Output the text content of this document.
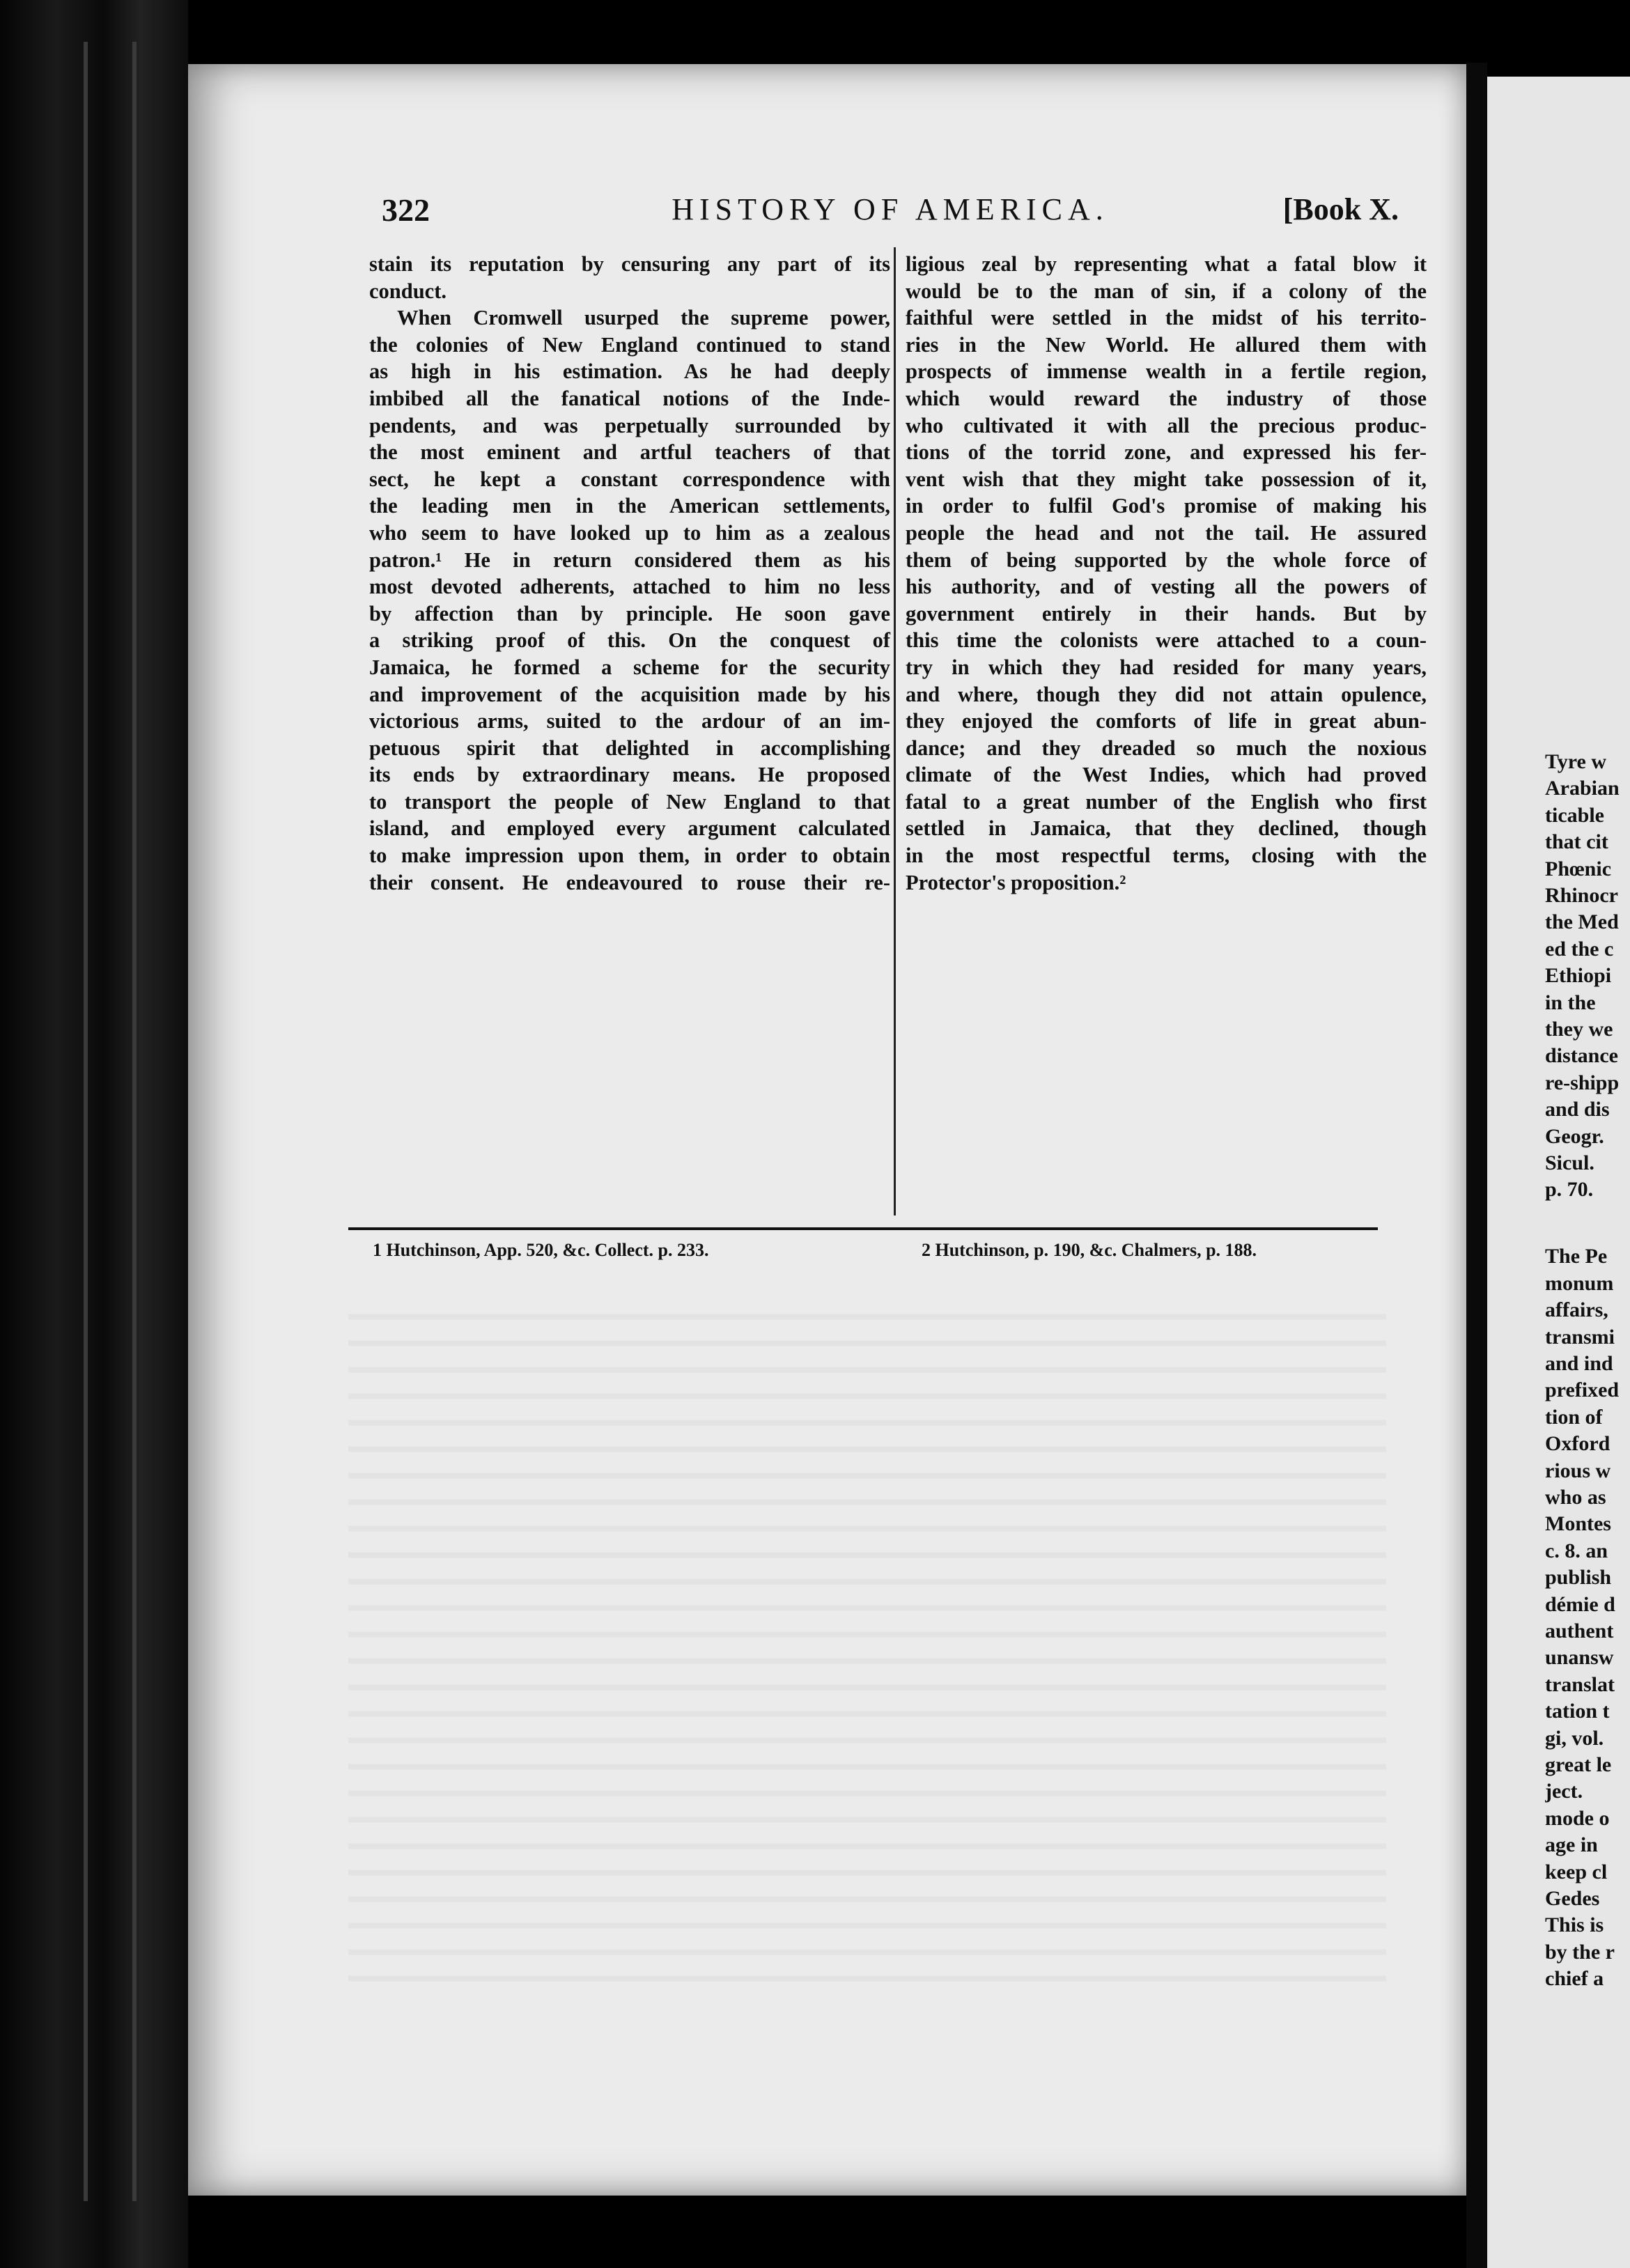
322	HISTORY OF AMERICA.	[Book X.
stain its reputation by censuring any part of its
conduct.
When Cromwell usurped the supreme power,
the colonies of New England continued to stand
as high in his estimation. As he had deeply
imbibed all the fanatical notions of the Inde-
pendents, and was perpetually surrounded by
the most eminent and artful teachers of that
sect, he kept a constant correspondence with
the leading men in the American settlements,
who seem to have looked up to him as a zealous
patron.¹ He in return considered them as his
most devoted adherents, attached to him no less
by affection than by principle. He soon gave
a striking proof of this. On the conquest of
Jamaica, he formed a scheme for the security
and improvement of the acquisition made by his
victorious arms, suited to the ardour of an im-
petuous spirit that delighted in accomplishing
its ends by extraordinary means. He proposed
to transport the people of New England to that
island, and employed every argument calculated
to make impression upon them, in order to obtain
their consent. He endeavoured to rouse their re-
ligious zeal by representing what a fatal blow it
would be to the man of sin, if a colony of the
faithful were settled in the midst of his territo-
ries in the New World. He allured them with
prospects of immense wealth in a fertile region,
which would reward the industry of those
who cultivated it with all the precious produc-
tions of the torrid zone, and expressed his fer-
vent wish that they might take possession of it,
in order to fulfil God's promise of making his
people the head and not the tail. He assured
them of being supported by the whole force of
his authority, and of vesting all the powers of
government entirely in their hands. But by
this time the colonists were attached to a coun-
try in which they had resided for many years,
and where, though they did not attain opulence,
they enjoyed the comforts of life in great abun-
dance; and they dreaded so much the noxious
climate of the West Indies, which had proved
fatal to a great number of the English who first
settled in Jamaica, that they declined, though
in the most respectful terms, closing with the
Protector's proposition.²
1 Hutchinson, App. 520, &c. Collect. p. 233.	2 Hutchinson, p. 190, &c. Chalmers, p. 188.
Tyre w
Arabian
ticable
that cit
Phœnic
Rhinocr
the Med
ed the c
Ethiopi
in the
they we
distance
re-shipp
and dis
Geogr.
Sicul.
p. 70.
The Pe
monum
affairs,
transmi
and ind
prefixed
tion of
Oxford
rious w
who as
Montes
c. 8. an
publish
démie d
authent
unansw
translat
tation t
gi, vol.
great le
ject.
mode o
age in
keep cl
Gedes
This is
by the r
chief a
